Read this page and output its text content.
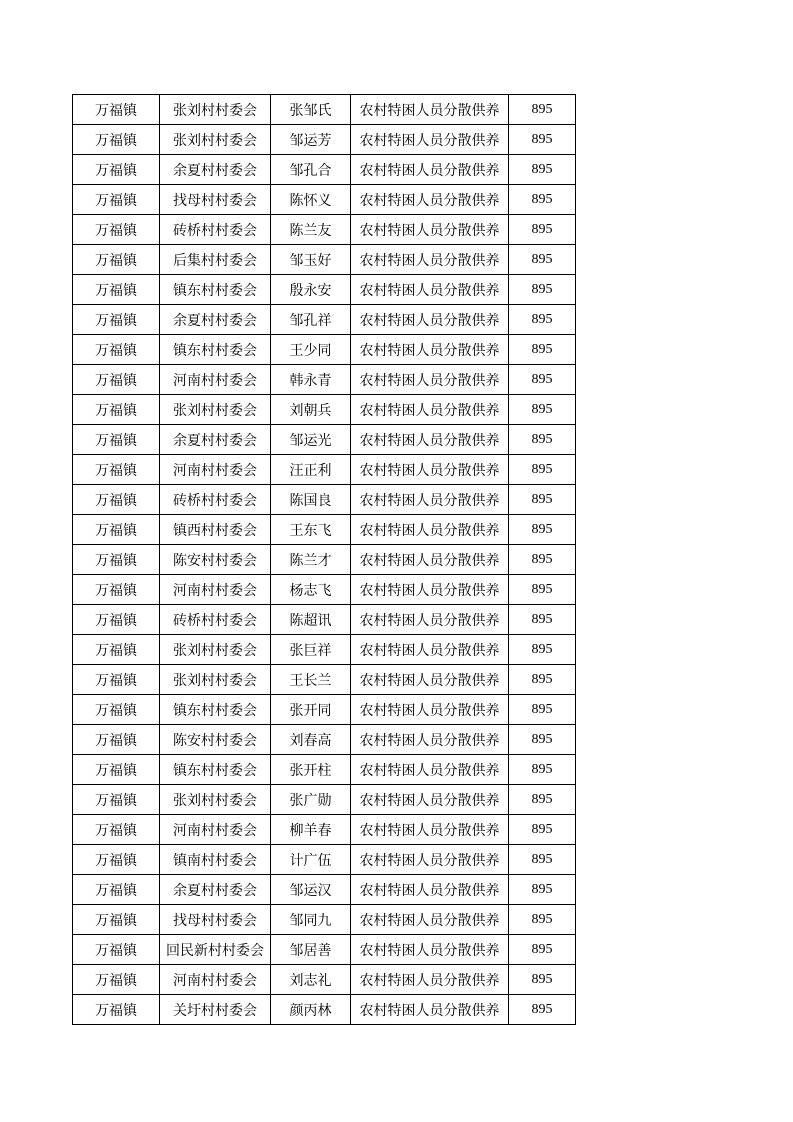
万福镇	张刘村村委会	张邹氏	农村特困人员分散供养	895
万福镇	张刘村村委会	邹运芳	农村特困人员分散供养	895
万福镇	余夏村村委会	邹孔合	农村特困人员分散供养	895
万福镇	找母村村委会	陈怀义	农村特困人员分散供养	895
万福镇	砖桥村村委会	陈兰友	农村特困人员分散供养	895
万福镇	后集村村委会	邹玉好	农村特困人员分散供养	895
万福镇	镇东村村委会	殷永安	农村特困人员分散供养	895
万福镇	余夏村村委会	邹孔祥	农村特困人员分散供养	895
万福镇	镇东村村委会	王少同	农村特困人员分散供养	895
万福镇	河南村村委会	韩永青	农村特困人员分散供养	895
万福镇	张刘村村委会	刘朝兵	农村特困人员分散供养	895
万福镇	余夏村村委会	邹运光	农村特困人员分散供养	895
万福镇	河南村村委会	汪正利	农村特困人员分散供养	895
万福镇	砖桥村村委会	陈国良	农村特困人员分散供养	895
万福镇	镇西村村委会	王东飞	农村特困人员分散供养	895
万福镇	陈安村村委会	陈兰才	农村特困人员分散供养	895
万福镇	河南村村委会	杨志飞	农村特困人员分散供养	895
万福镇	砖桥村村委会	陈超讯	农村特困人员分散供养	895
万福镇	张刘村村委会	张巨祥	农村特困人员分散供养	895
万福镇	张刘村村委会	王长兰	农村特困人员分散供养	895
万福镇	镇东村村委会	张开同	农村特困人员分散供养	895
万福镇	陈安村村委会	刘春高	农村特困人员分散供养	895
万福镇	镇东村村委会	张开柱	农村特困人员分散供养	895
万福镇	张刘村村委会	张广勋	农村特困人员分散供养	895
万福镇	河南村村委会	柳羊春	农村特困人员分散供养	895
万福镇	镇南村村委会	计广伍	农村特困人员分散供养	895
万福镇	余夏村村委会	邹运汉	农村特困人员分散供养	895
万福镇	找母村村委会	邹同九	农村特困人员分散供养	895
万福镇	回民新村村委会	邹居善	农村特困人员分散供养	895
万福镇	河南村村委会	刘志礼	农村特困人员分散供养	895
万福镇	关圩村村委会	颜丙林	农村特困人员分散供养	895
